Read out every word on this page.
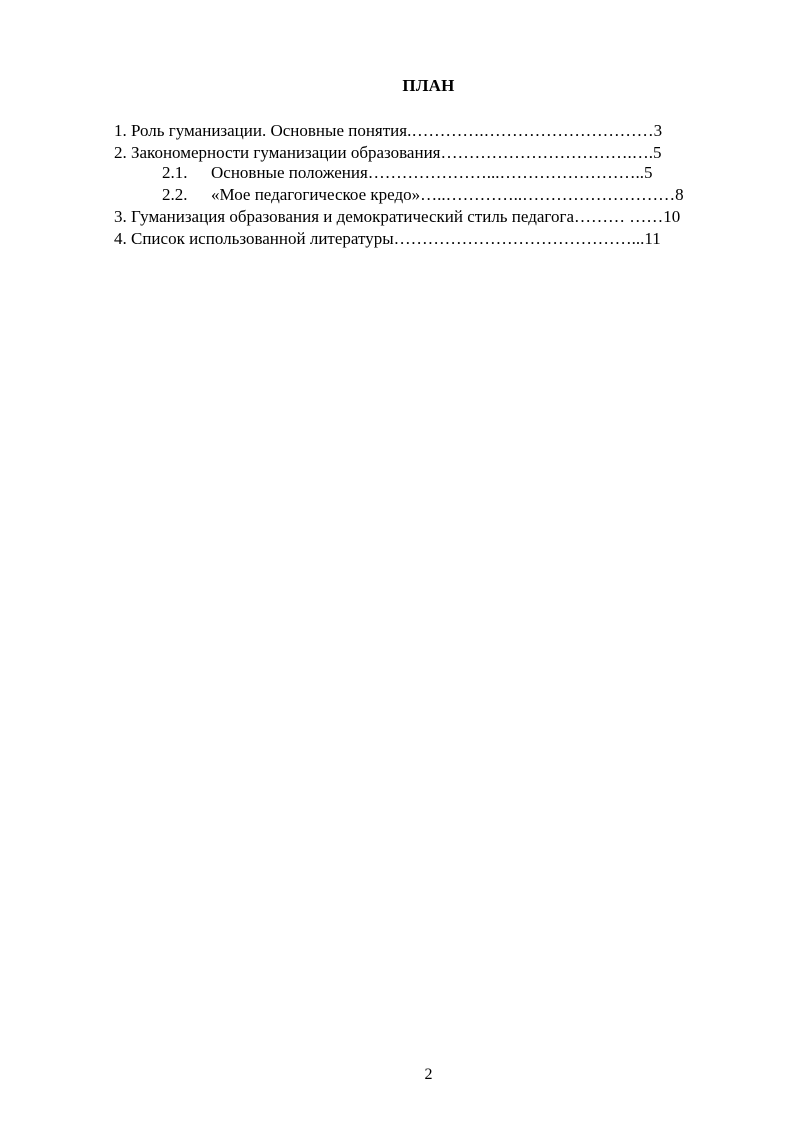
ПЛАН
1. Роль гуманизации. Основные понятия.………….…………………………3
2. Закономерности гуманизации образования…………………………….….5
2.1. Основные положения…………………...……………………..5
2.2. «Мое педагогическое кредо»…..…………..………………………8
3. Гуманизация образования и демократический стиль педагога……… ……10
4. Список использованной литературы……………………………………...11
2
